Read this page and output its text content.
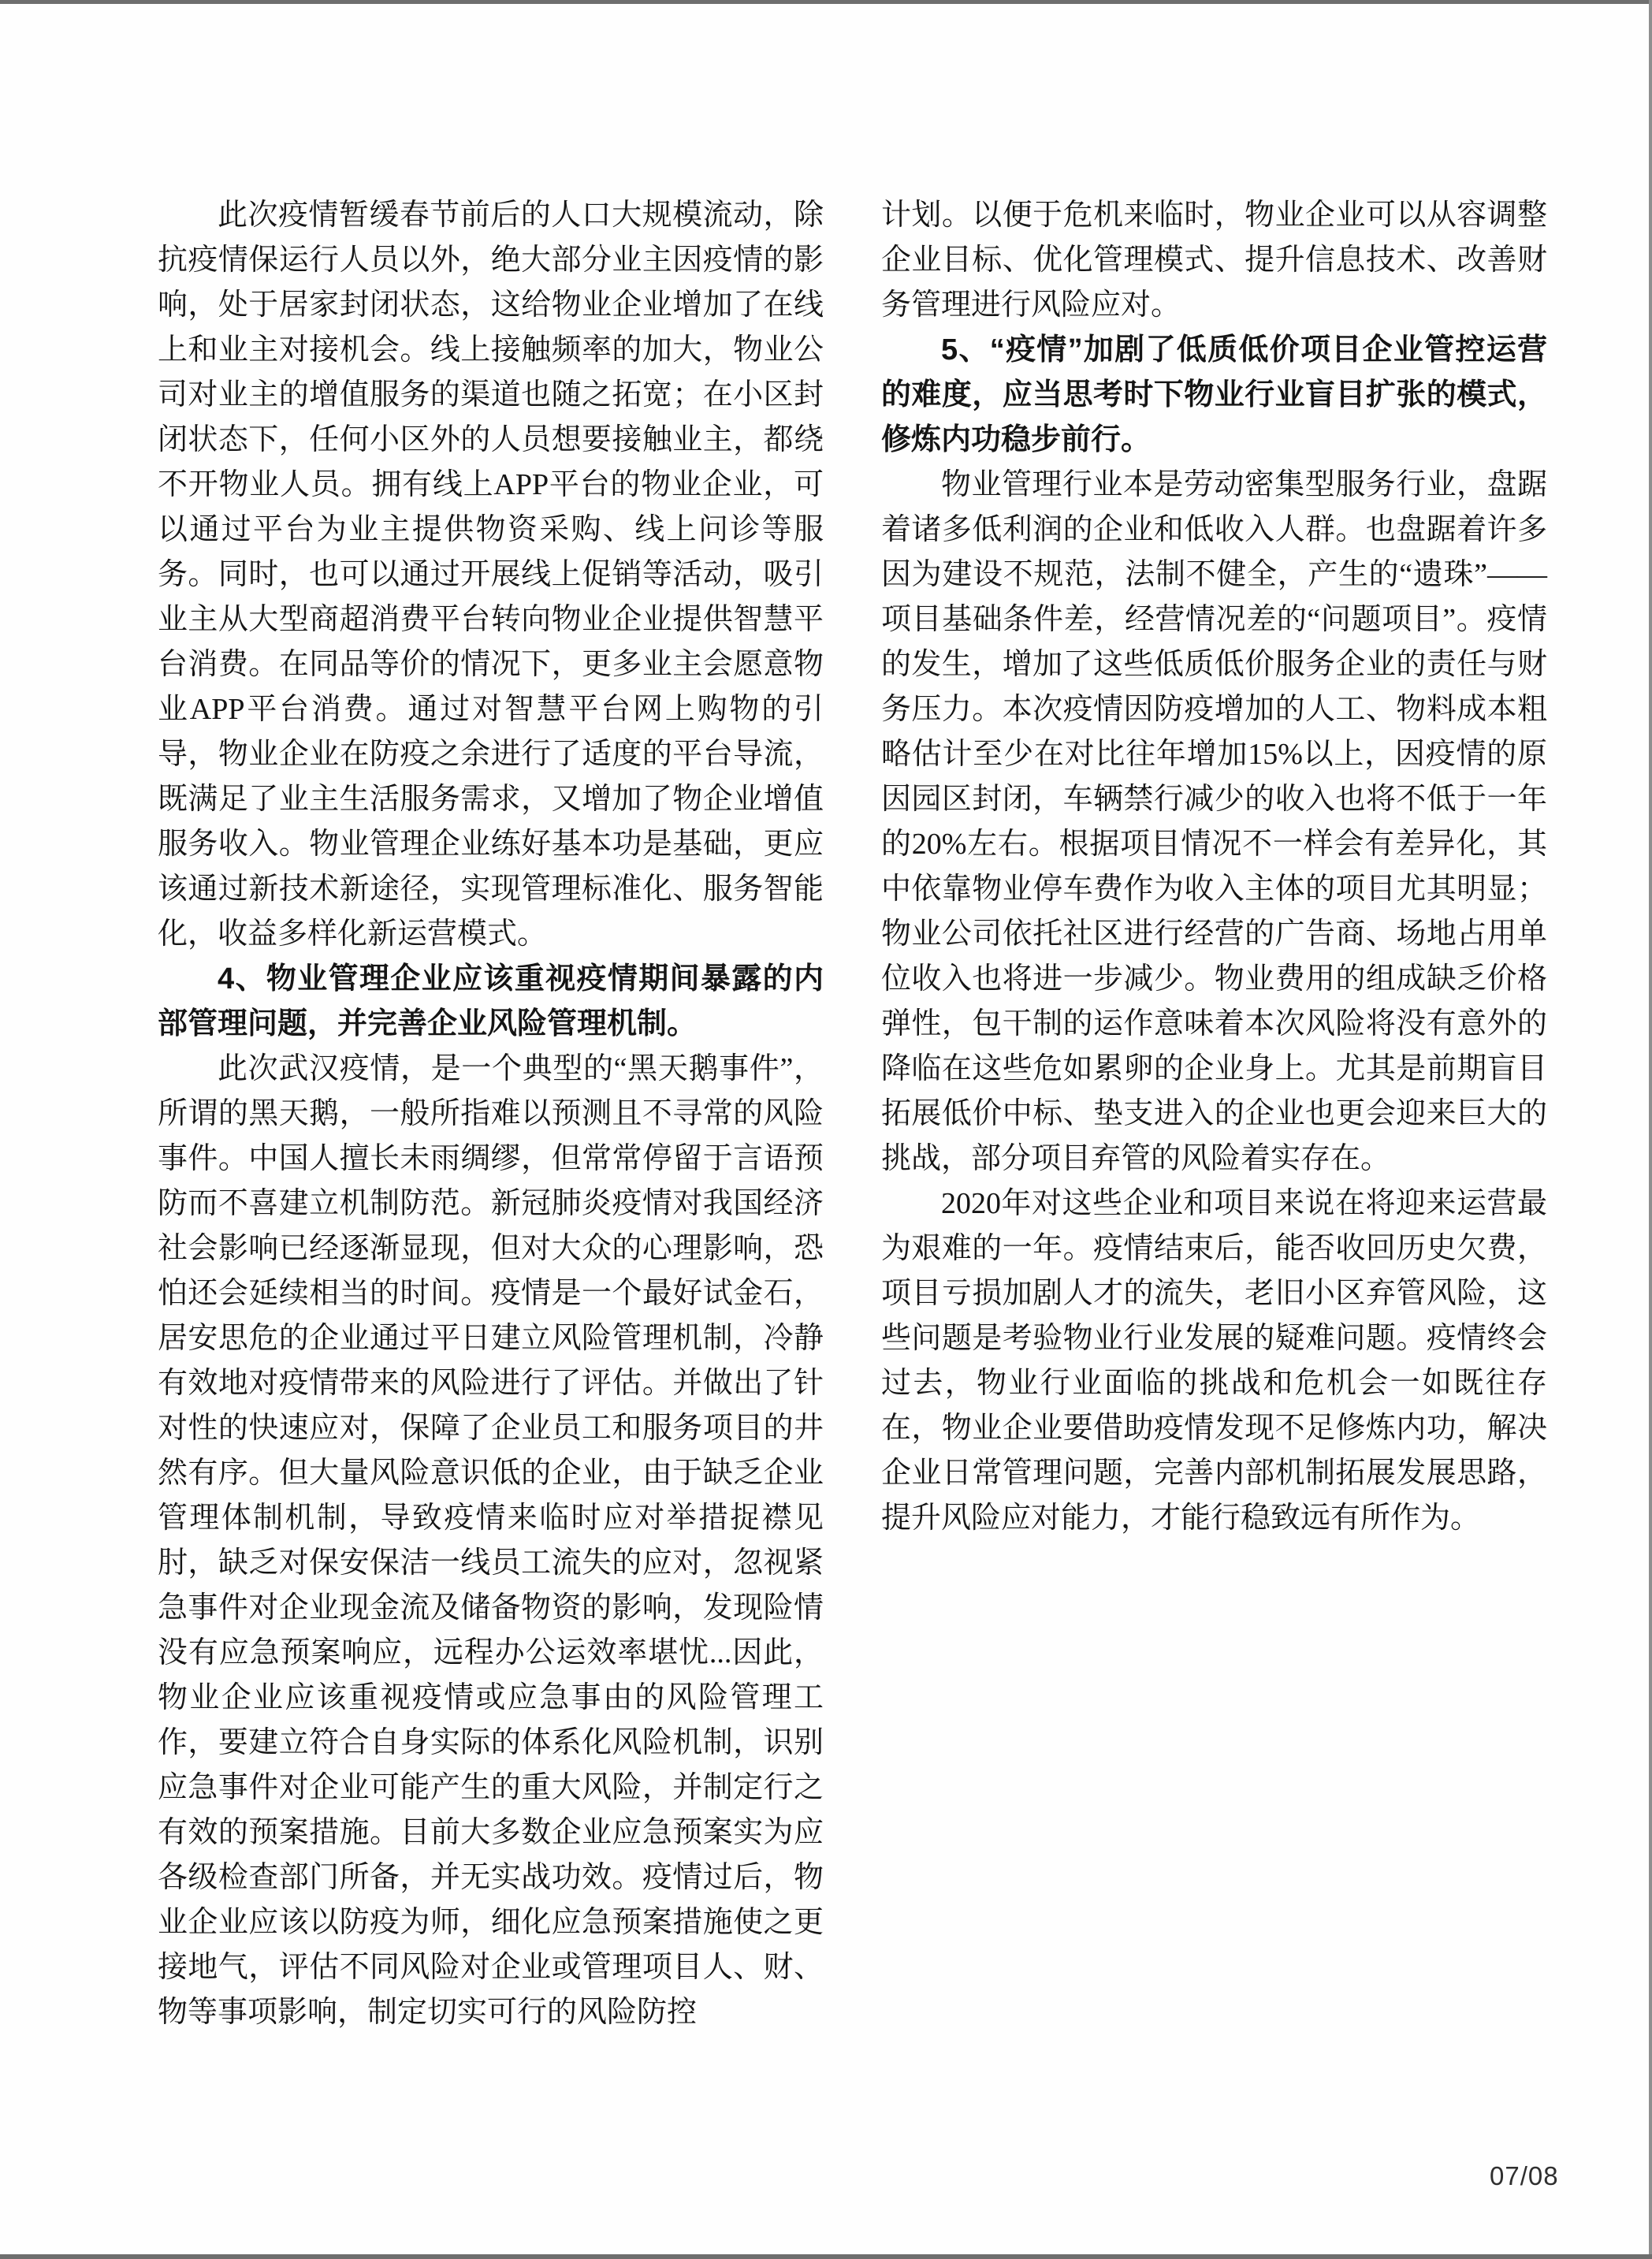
此次疫情暂缓春节前后的人口大规模流动，除抗疫情保运行人员以外，绝大部分业主因疫情的影响，处于居家封闭状态，这给物业企业增加了在线上和业主对接机会。线上接触频率的加大，物业公司对业主的增值服务的渠道也随之拓宽；在小区封闭状态下，任何小区外的人员想要接触业主，都绕不开物业人员。拥有线上APP平台的物业企业，可以通过平台为业主提供物资采购、线上问诊等服务。同时，也可以通过开展线上促销等活动，吸引业主从大型商超消费平台转向物业企业提供智慧平台消费。在同品等价的情况下，更多业主会愿意物业APP平台消费。通过对智慧平台网上购物的引导，物业企业在防疫之余进行了适度的平台导流，既满足了业主生活服务需求，又增加了物企业增值服务收入。物业管理企业练好基本功是基础，更应该通过新技术新途径，实现管理标准化、服务智能化，收益多样化新运营模式。

4、物业管理企业应该重视疫情期间暴露的内部管理问题，并完善企业风险管理机制。

此次武汉疫情，是一个典型的“黑天鹅事件”，所谓的黑天鹅，一般所指难以预测且不寻常的风险事件。中国人擅长未雨绸缪，但常常停留于言语预防而不喜建立机制防范。新冠肺炎疫情对我国经济社会影响已经逐渐显现，但对大众的心理影响，恐怕还会延续相当的时间。疫情是一个最好试金石，居安思危的企业通过平日建立风险管理机制，冷静有效地对疫情带来的风险进行了评估。并做出了针对性的快速应对，保障了企业员工和服务项目的井然有序。但大量风险意识低的企业，由于缺乏企业管理体制机制，导致疫情来临时应对举措捉襟见肘，缺乏对保安保洁一线员工流失的应对，忽视紧急事件对企业现金流及储备物资的影响，发现险情没有应急预案响应，远程办公运效率堪忧...因此，物业企业应该重视疫情或应急事由的风险管理工作，要建立符合自身实际的体系化风险机制，识别应急事件对企业可能产生的重大风险，并制定行之有效的预案措施。目前大多数企业应急预案实为应各级检查部门所备，并无实战功效。疫情过后，物业企业应该以防疫为师，细化应急预案措施使之更接地气，评估不同风险对企业或管理项目人、财、物等事项影响，制定切实可行的风险防控

计划。以便于危机来临时，物业企业可以从容调整企业目标、优化管理模式、提升信息技术、改善财务管理进行风险应对。

5、“疫情”加剧了低质低价项目企业管控运营的难度，应当思考时下物业行业盲目扩张的模式，修炼内功稳步前行。

物业管理行业本是劳动密集型服务行业，盘踞着诸多低利润的企业和低收入人群。也盘踞着许多因为建设不规范，法制不健全，产生的“遗珠”——项目基础条件差，经营情况差的“问题项目”。疫情的发生，增加了这些低质低价服务企业的责任与财务压力。本次疫情因防疫增加的人工、物料成本粗略估计至少在对比往年增加15%以上，因疫情的原因园区封闭，车辆禁行减少的收入也将不低于一年的20%左右。根据项目情况不一样会有差异化，其中依靠物业停车费作为收入主体的项目尤其明显；物业公司依托社区进行经营的广告商、场地占用单位收入也将进一步减少。物业费用的组成缺乏价格弹性，包干制的运作意味着本次风险将没有意外的降临在这些危如累卵的企业身上。尤其是前期盲目拓展低价中标、垫支进入的企业也更会迎来巨大的挑战，部分项目弃管的风险着实存在。

2020年对这些企业和项目来说在将迎来运营最为艰难的一年。疫情结束后，能否收回历史欠费，项目亏损加剧人才的流失，老旧小区弃管风险，这些问题是考验物业行业发展的疑难问题。疫情终会过去，物业行业面临的挑战和危机会一如既往存在，物业企业要借助疫情发现不足修炼内功，解决企业日常管理问题，完善内部机制拓展发展思路，提升风险应对能力，才能行稳致远有所作为。

07/08
